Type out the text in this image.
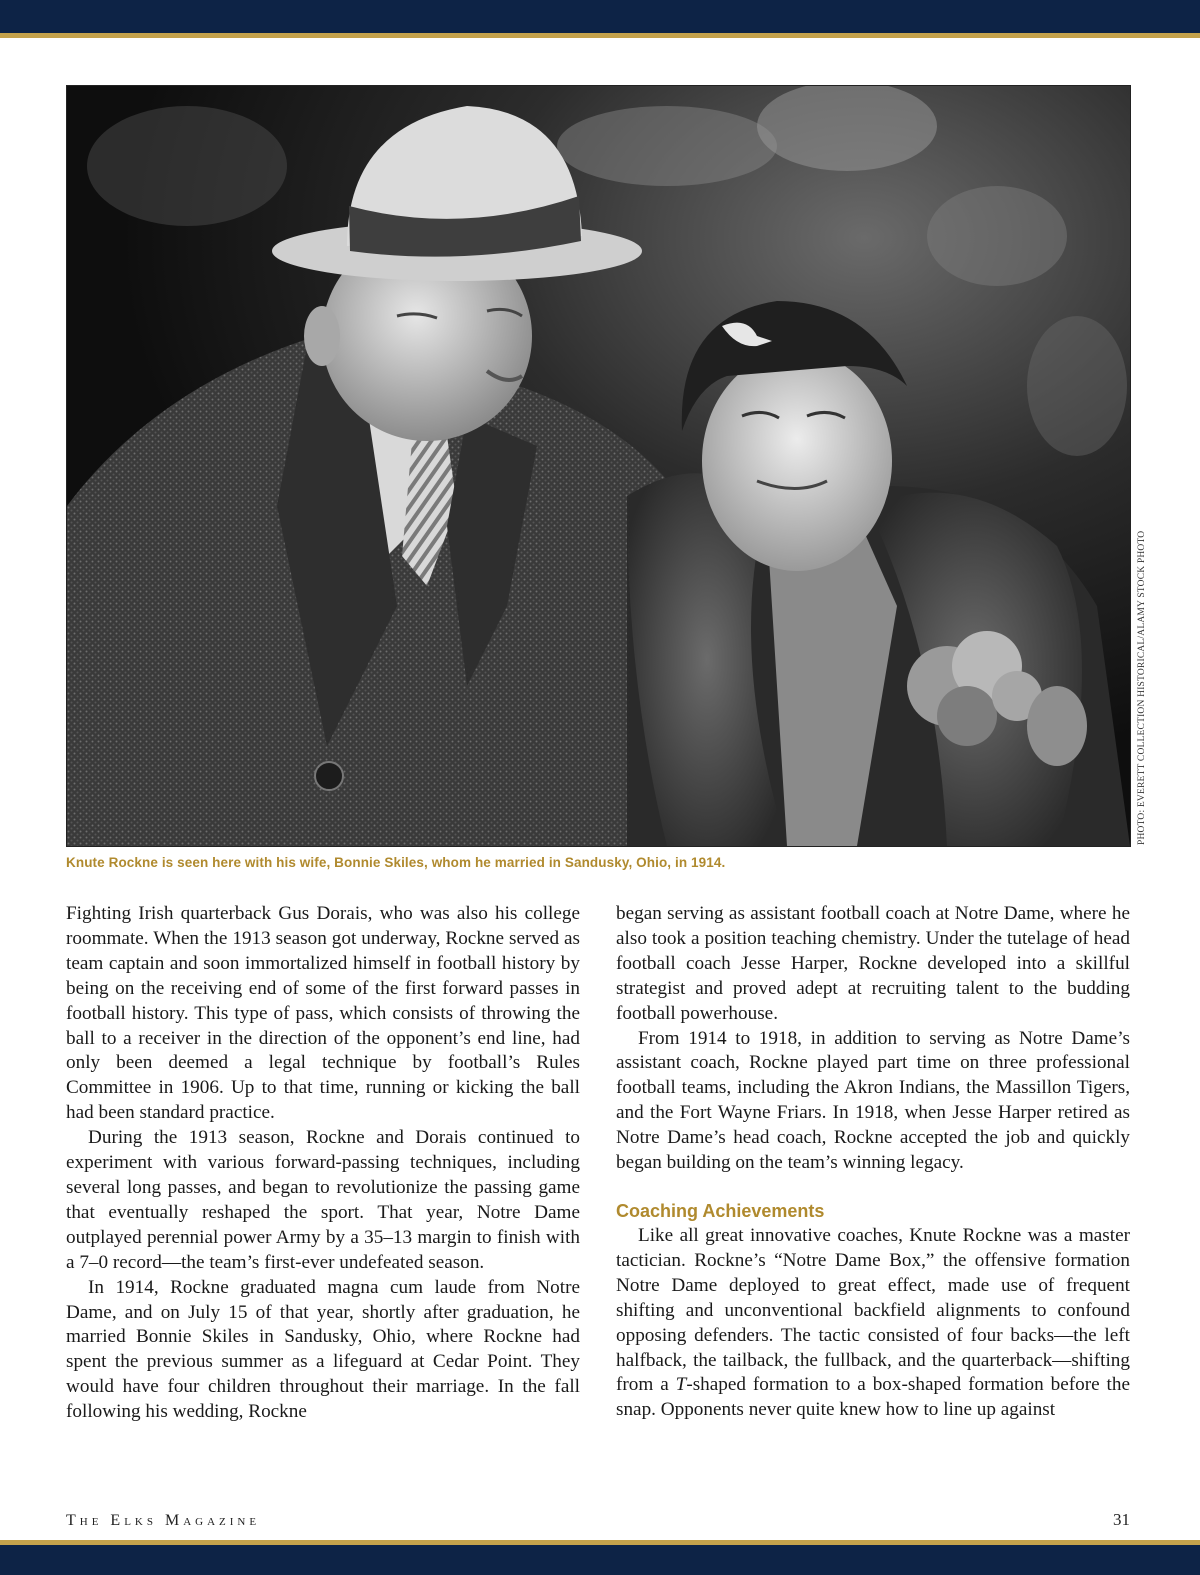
PHOTO: EVERETT COLLECTION HISTORICAL/ALAMY STOCK PHOTO
Knute Rockne is seen here with his wife, Bonnie Skiles, whom he married in Sandusky, Ohio, in 1914.

Fighting Irish quarterback Gus Dorais, who was also his college roommate. When the 1913 season got underway, Rockne served as team captain and soon immortalized himself in football history by being on the receiving end of some of the first forward passes in football history. This type of pass, which consists of throwing the ball to a receiver in the direction of the opponent’s end line, had only been deemed a legal technique by football’s Rules Committee in 1906. Up to that time, running or kicking the ball had been standard practice.

During the 1913 season, Rockne and Dorais continued to experiment with various forward-passing techniques, including several long passes, and began to revolutionize the passing game that eventually reshaped the sport. That year, Notre Dame outplayed perennial power Army by a 35–13 margin to finish with a 7–0 record—the team’s first-ever undefeated season.

In 1914, Rockne graduated magna cum laude from Notre Dame, and on July 15 of that year, shortly after graduation, he married Bonnie Skiles in Sandusky, Ohio, where Rockne had spent the previous summer as a lifeguard at Cedar Point. They would have four children throughout their marriage. In the fall following his wedding, Rockne

began serving as assistant football coach at Notre Dame, where he also took a position teaching chemistry. Under the tutelage of head football coach Jesse Harper, Rockne developed into a skillful strategist and proved adept at recruiting talent to the budding football powerhouse.

From 1914 to 1918, in addition to serving as Notre Dame’s assistant coach, Rockne played part time on three professional football teams, including the Akron Indians, the Massillon Tigers, and the Fort Wayne Friars. In 1918, when Jesse Harper retired as Notre Dame’s head coach, Rockne accepted the job and quickly began building on the team’s winning legacy.

Coaching Achievements

Like all great innovative coaches, Knute Rockne was a master tactician. Rockne’s “Notre Dame Box,” the offensive formation Notre Dame deployed to great effect, made use of frequent shifting and unconventional backfield alignments to confound opposing defenders. The tactic consisted of four backs—the left halfback, the tailback, the fullback, and the quarterback—shifting from a T-shaped formation to a box-shaped formation before the snap. Opponents never quite knew how to line up against

The Elks Magazine	31
